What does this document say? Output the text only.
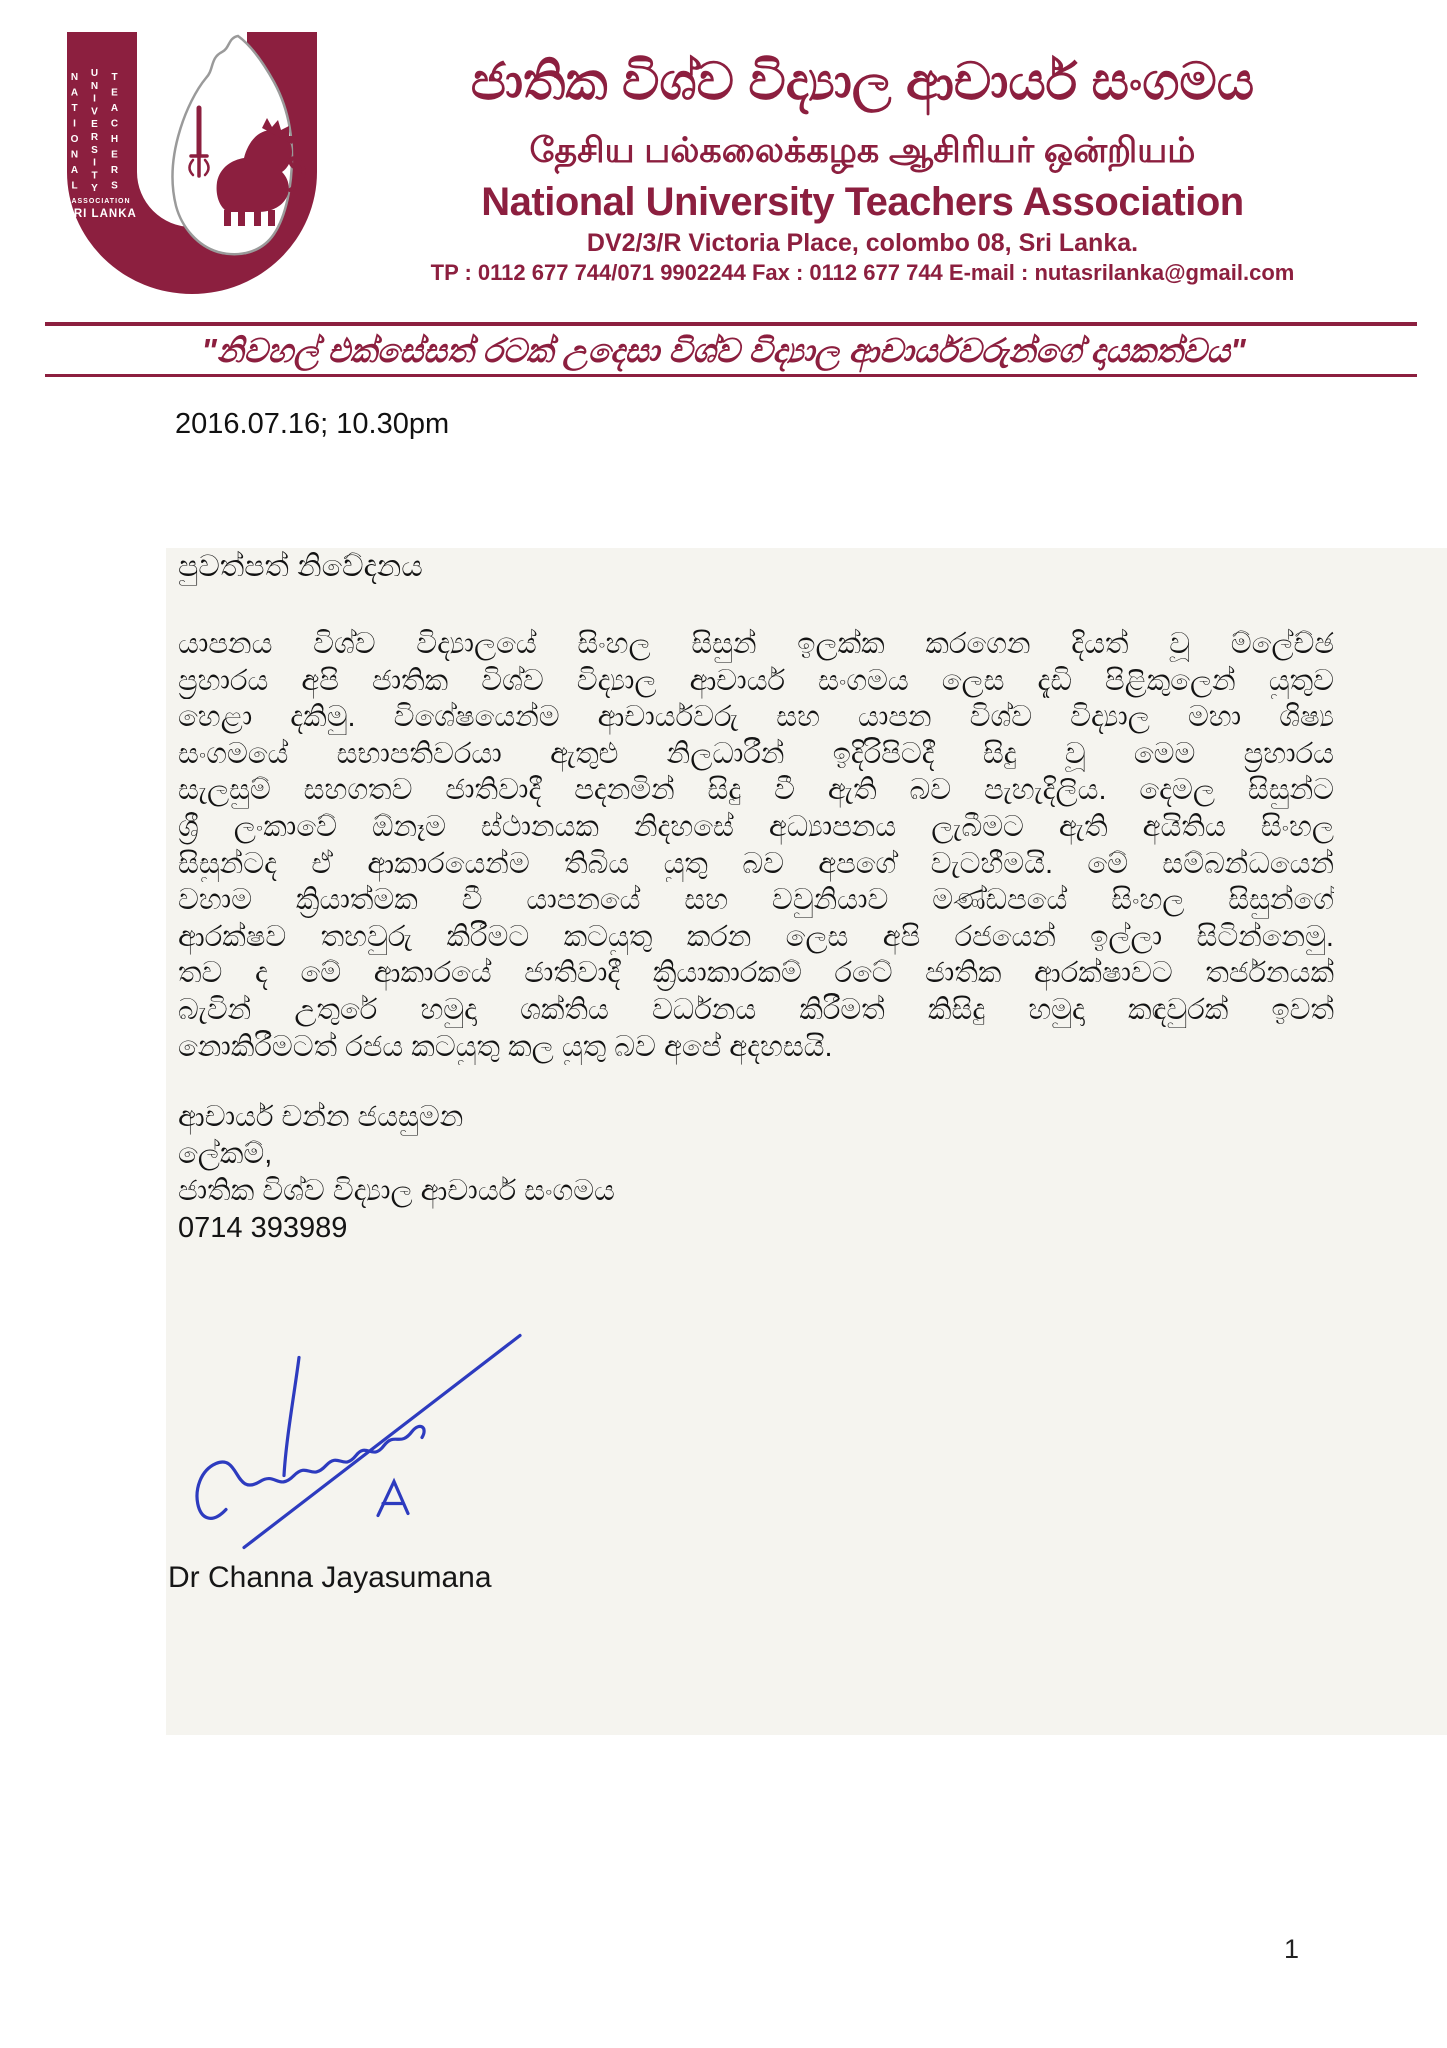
NATIONAL UNIVERSITY TEACHERS
ASSOCIATION
SRI LANKA
ජාතික විශ්ව විද්‍යාල ආචාර්ය සංගමය
தேசிய பல்கலைக்கழக ஆசிரியர் ஒன்றியம்
National University Teachers Association
DV2/3/R Victoria Place, colombo 08, Sri Lanka.
TP : 0112 677 744/071 9902244 Fax : 0112 677 744 E-mail : nutasrilanka@gmail.com
"නිවහල් එක්සේසත් රටක් උදෙසා විශ්ව විද්‍යාල ආචාර්යවරුන්ගේ දායකත්වය"
2016.07.16; 10.30pm
පුවත්පත් නිවේදනය
යාපනය විශ්ව විද්‍යාලයේ සිංහල සිසුන් ඉලක්ක කරගෙන දියත් වූ ම්ලේච්ඡ
ප්‍රහාරය අපි ජාතික විශ්ව විද්‍යාල ආචාර්ය සංගමය ලෙස දැඩි පිළිකුලෙන් යුතුව
හෙළා දකිමු. විශේෂයෙන්ම ආචාර්යවරු සහ යාපන විශ්ව විද්‍යාල මහා ශිෂ්‍ය
සංගමයේ සභාපතිවරයා ඇතුළු නිලධාරීන් ඉදිරිපිටදී සිදු වූ මෙම ප්‍රහාරය
සැලසුම් සහගතව ජාතිවාදී පදනමින් සිදු වී ඇති බව පැහැදිලිය. දෙමල සිසුන්ට
ශ්‍රී ලංකාවේ ඕනෑම ස්ථානයක නිදහසේ අධ්‍යාපනය ලැබීමට ඇති අයිතිය සිංහල
සිසුන්ටද ඒ ආකාරයෙන්ම තිබිය යුතු බව අපගේ වැටහීමයි. මේ සම්බන්ධයෙන්
වහාම ක්‍රියාත්මක වී යාපනයේ සහ වවුනියාව මණ්ඩපයේ සිංහල සිසුන්ගේ
ආරක්ෂව තහවුරු කිරීමට කටයුතු කරන ලෙස අපි රජයෙන් ඉල්ලා සිටින්නෙමු.
තව ද මේ ආකාරයේ ජාතිවාදී ක්‍රියාකාරකම් රටේ ජාතික ආරක්ෂාවට තර්ජනයක්
බැවින් උතුරේ හමුදා ශක්තිය වර්ධනය කිරීමත් කිසිදු හමුදා කඳවුරක් ඉවත්
නොකිරීමටත් රජය කටයුතු කල යුතු බව අපේ අදහසයි.
ආචාර්ය චන්න ජයසුමන
ලේකම්,
ජාතික විශ්ව විද්‍යාල ආචාර්ය සංගමය
0714 393989
Dr Channa Jayasumana
1
